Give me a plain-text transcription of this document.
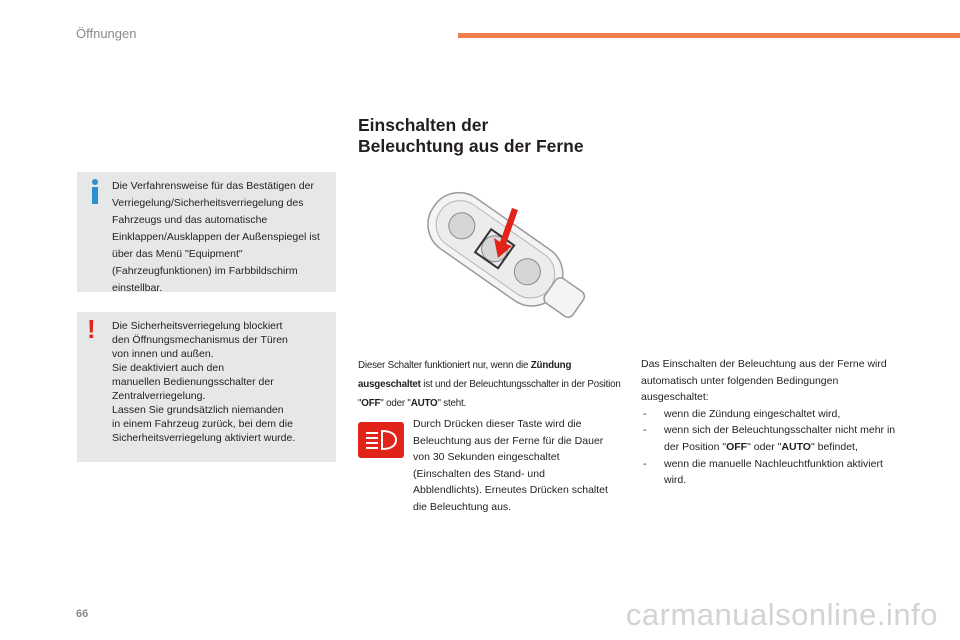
Öffnungen
Die Verfahrensweise für das Bestätigen der Verriegelung/Sicherheitsverriegelung des Fahrzeugs und das automatische Einklappen/Ausklappen der Außenspiegel ist über das Menü "Equipment" (Fahrzeugfunktionen) im Farbbildschirm einstellbar.
!	Die Sicherheitsverriegelung blockiert
den Öffnungsmechanismus der Türen
von innen und außen.
Sie deaktiviert auch den
manuellen Bedienungsschalter der
Zentralverriegelung.
Lassen Sie grundsätzlich niemanden
in einem Fahrzeug zurück, bei dem die
Sicherheitsverriegelung aktiviert wurde.
Einschalten der
Beleuchtung aus der Ferne
Dieser Schalter funktioniert nur, wenn die Zündung ausgeschaltet ist und der Beleuchtungsschalter in der Position "OFF" oder "AUTO" steht.
Durch Drücken dieser Taste wird die Beleuchtung aus der Ferne für die Dauer von 30 Sekunden eingeschaltet (Einschalten des Stand- und Abblendlichts). Erneutes Drücken schaltet die Beleuchtung aus.
Das Einschalten der Beleuchtung aus der Ferne wird automatisch unter folgenden Bedingungen ausgeschaltet:
- wenn die Zündung eingeschaltet wird,
- wenn sich der Beleuchtungsschalter nicht mehr in der Position "OFF" oder "AUTO" befindet,
- wenn die manuelle Nachleuchtfunktion aktiviert wird.
66	carmanualsonline.info
